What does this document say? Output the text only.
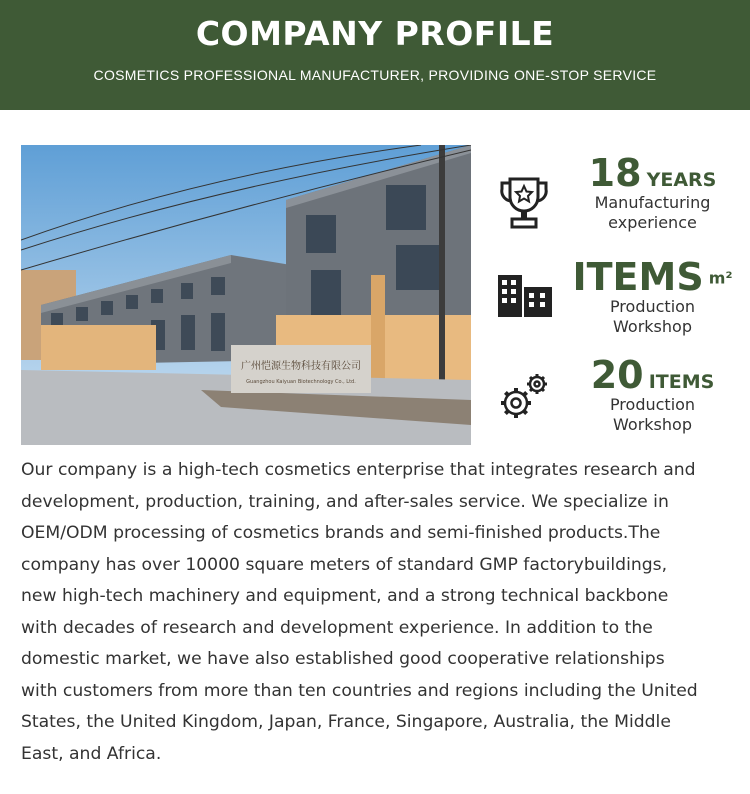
COMPANY PROFILE

COSMETICS PROFESSIONAL MANUFACTURER, PROVIDING ONE-STOP SERVICE

广州恺源生物科技有限公司
Guangzhou Kaiyuan Biotechnology Co., Ltd.
18 YEARS
Manufacturing
experience
ITEMS m²
Production
Workshop
20 ITEMS
Production
Workshop

Our company is a high-tech cosmetics enterprise that integrates research and
development, production, training, and after-sales service. We specialize in
OEM/ODM processing of cosmetics brands and semi-finished products.The
company has over 10000 square meters of standard GMP factorybuildings,
new high-tech machinery and equipment, and a strong technical backbone
with decades of research and development experience. In addition to the
domestic market, we have also established good cooperative relationships
with customers from more than ten countries and regions including the United
States, the United Kingdom, Japan, France, Singapore, Australia, the Middle
East, and Africa.
